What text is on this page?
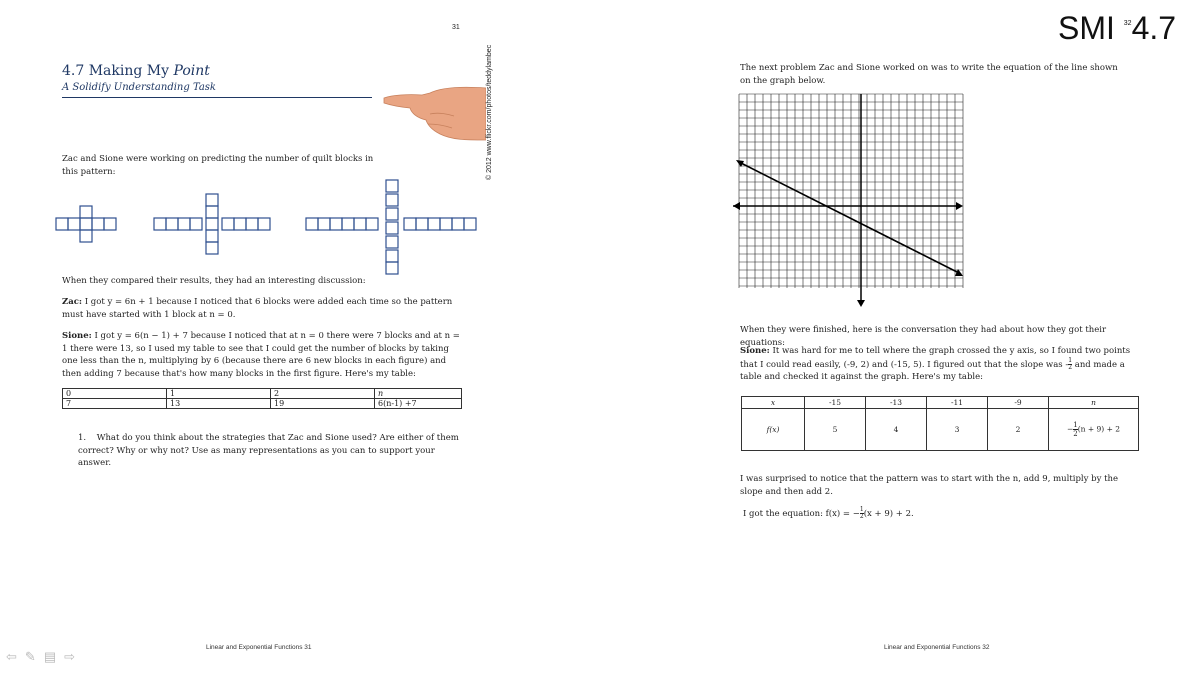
31
4.7 Making My Point
A Solidify Understanding Task	© 2012 www.flickr.com/photos/teddylambec
Zac and Sione were working on predicting the number of quilt blocks in this pattern:
When they compared their results, they had an interesting discussion:
Zac: I got y = 6n + 1 because I noticed that 6 blocks were added each time so the pattern must have started with 1 block at n = 0.
Sione: I got y = 6(n − 1) + 7 because I noticed that at n = 0 there were 7 blocks and at n = 1 there were 13, so I used my table to see that I could get the number of blocks by taking one less than the n, multiplying by 6 (because there are 6 new blocks in each figure) and then adding 7 because that's how many blocks in the first figure. Here's my table:
0	1	2	n
7	13	19	6(n-1) +7
1. What do you think about the strategies that Zac and Sione used? Are either of them correct? Why or why not? Use as many representations as you can to support your answer.
Linear and Exponential Functions 31
⇦ ✎ ▤ ⇨
SMI $^{32}$4.7
The next problem Zac and Sione worked on was to write the equation of the line shown on the graph below.
When they were finished, here is the conversation they had about how they got their equations:
Sione: It was hard for me to tell where the graph crossed the y axis, so I found two points that I could read easily, (-9, 2) and (-15, 5). I figured out that the slope was - $\frac{1}{2}$ and made a table and checked it against the graph. Here's my table:
x	-15	-13	-11	-9	n
f(x)	5	4	3	2	− $\frac{1}{2} (n + 9) + 2$
I was surprised to notice that the pattern was to start with the n, add 9, multiply by the slope and then add 2.
I got the equation: f(x) = − $\frac{1}{2} (x + 9) + 2$.
Linear and Exponential Functions 32
